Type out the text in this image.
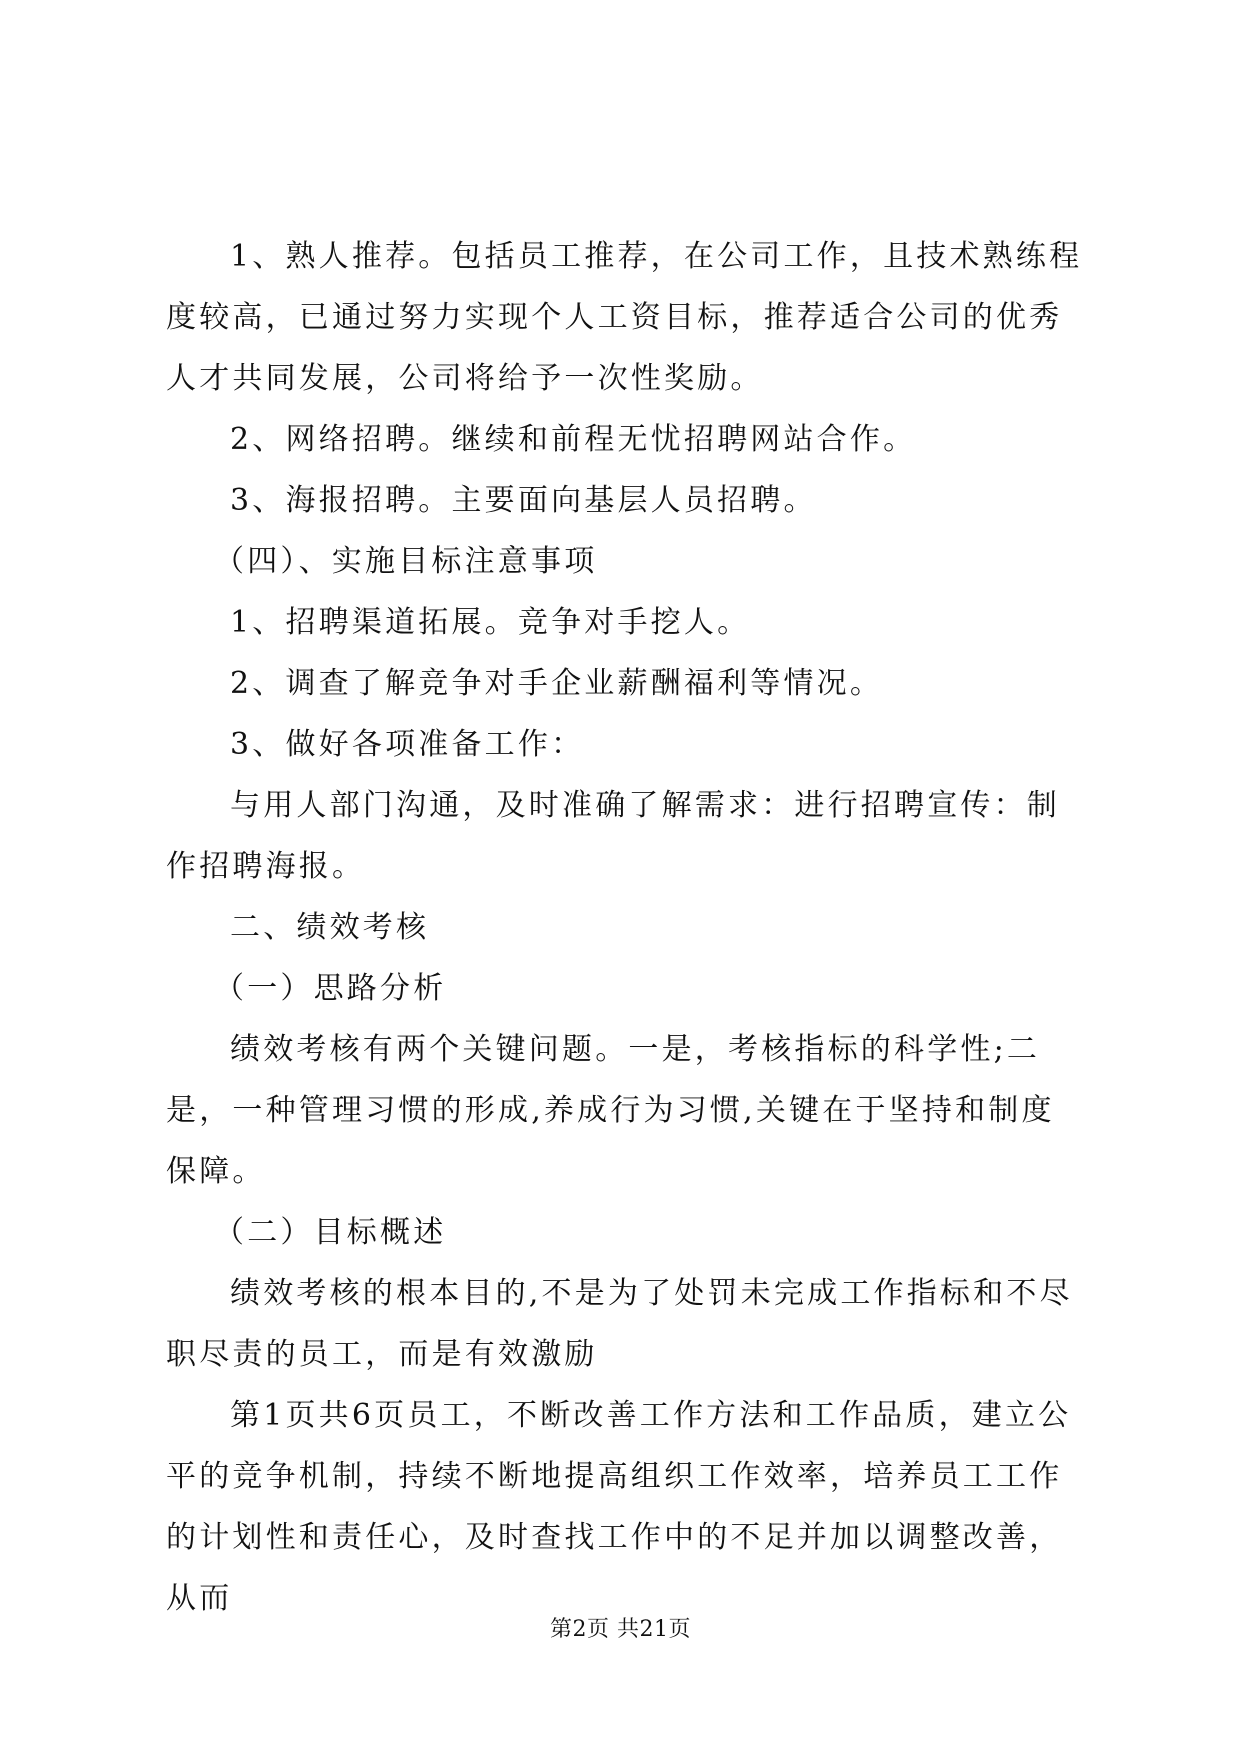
1、熟人推荐。包括员工推荐，在公司工作，且技术熟练程度较高，已通过努力实现个人工资目标，推荐适合公司的优秀人才共同发展，公司将给予一次性奖励。

2、网络招聘。继续和前程无忧招聘网站合作。

3、海报招聘。主要面向基层人员招聘。

（四）、实施目标注意事项

1、招聘渠道拓展。竞争对手挖人。

2、调查了解竞争对手企业薪酬福利等情况。

3、做好各项准备工作：

与用人部门沟通，及时准确了解需求：进行招聘宣传：制作招聘海报。

二、绩效考核

（一）思路分析

绩效考核有两个关键问题。一是，考核指标的科学性;二是，一种管理习惯的形成,养成行为习惯,关键在于坚持和制度保障。

（二）目标概述

绩效考核的根本目的,不是为了处罚未完成工作指标和不尽职尽责的员工，而是有效激励

第1页共6页员工，不断改善工作方法和工作品质，建立公平的竞争机制，持续不断地提高组织工作效率，培养员工工作的计划性和责任心，及时查找工作中的不足并加以调整改善，从而

第2页 共21页
